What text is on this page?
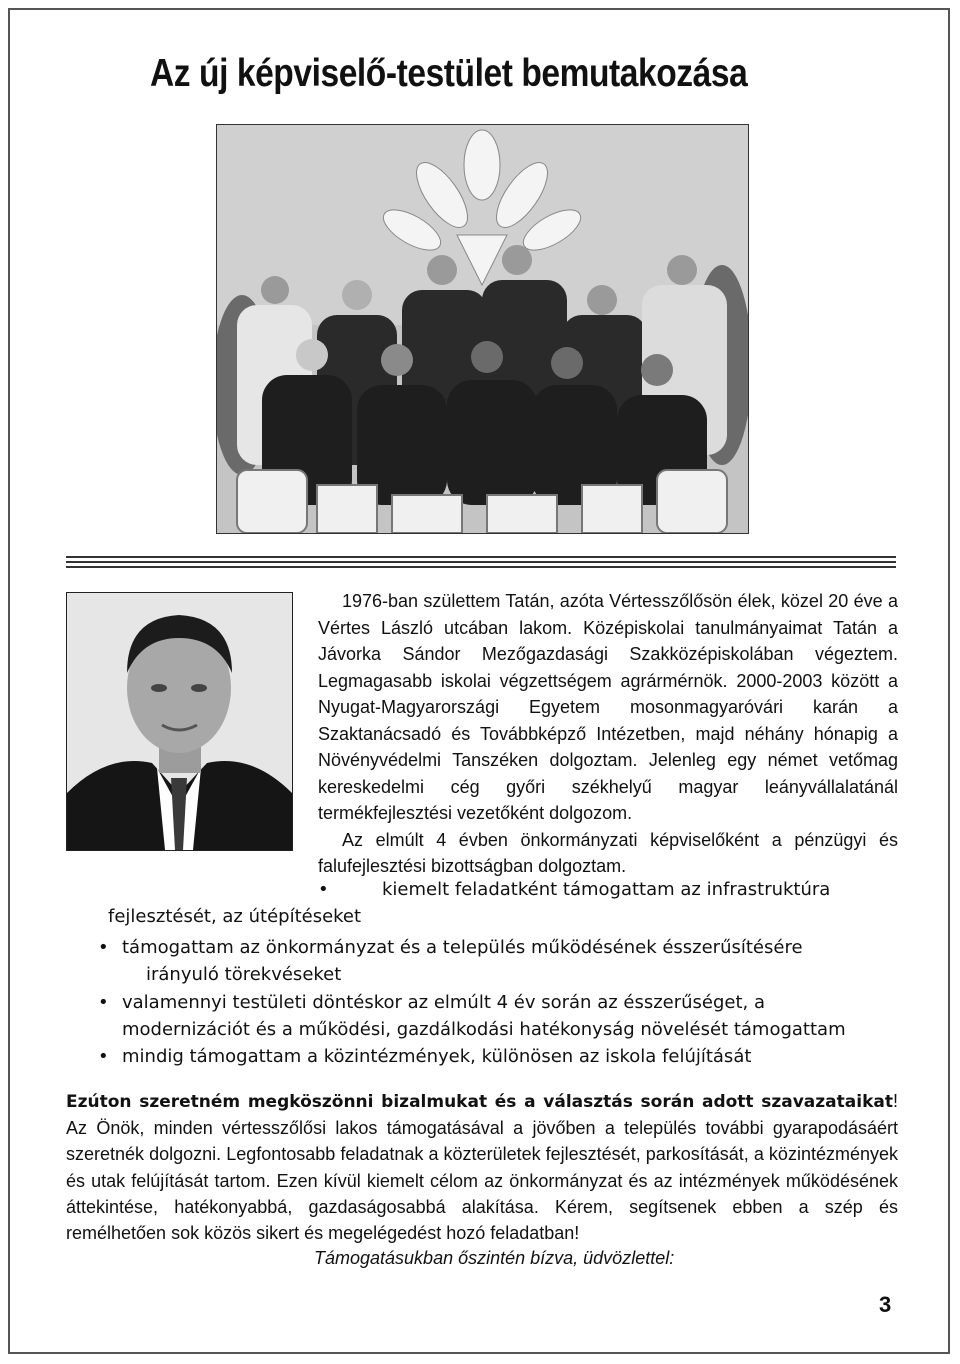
Az új képviselő-testület bemutakozása

1976-ban születtem Tatán, azóta Vértesszőlősön élek, közel 20 éve a Vértes László utcában lakom. Középiskolai tanulmányaimat Tatán a Jávorka Sándor Mezőgazdasági Szakközépiskolában végeztem. Legmagasabb iskolai végzettségem agrármérnök. 2000-2003 között a Nyugat-Magyarországi Egyetem mosonmagyaróvári karán a Szaktanácsadó és Továbbképző Intézetben, majd néhány hónapig a Növényvédelmi Tanszéken dolgoztam. Jelenleg egy német vetőmag kereskedelmi cég győri székhelyű magyar leányvállalatánál termékfejlesztési vezetőként dolgozom.

Az elmúlt 4 évben önkormányzati képviselőként a pénzügyi és falufejlesztési bizottságban dolgoztam.

•	kiemelt feladatként támogattam az infrastruktúra
fejlesztését, az útépítéseket
• támogattam az önkormányzat és a település működésének ésszerűsítésére
irányuló törekvéseket
• valamennyi testületi döntéskor az elmúlt 4 év során az ésszerűséget, a
modernizációt és a működési, gazdálkodási hatékonyság növelését támogattam
• mindig támogattam a közintézmények, különösen az iskola felújítását

Ezúton szeretném megköszönni bizalmukat és a választás során adott szavazataikat! Az Önök, minden vértesszőlősi lakos támogatásával a jövőben a település további gyarapodásáért szeretnék dolgozni. Legfontosabb feladatnak a közterületek fejlesztését, parkosítását, a közintézmények és utak felújítását tartom. Ezen kívül kiemelt célom az önkormányzat és az intézmények működésének áttekintése, hatékonyabbá, gazdaságosabbá alakítása. Kérem, segítsenek ebben a szép és remélhetően sok közös sikert és megelégedést hozó feladatban!

Támogatásukban őszintén bízva, üdvözlettel:
3
